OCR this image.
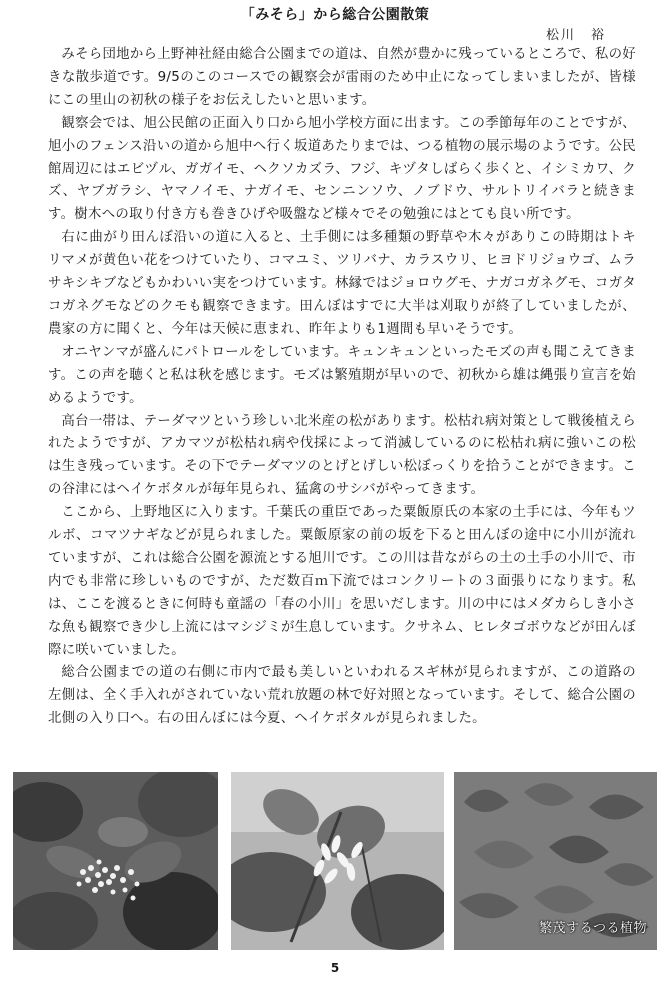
「みそら」から総合公園散策
松川　裕

みそら団地から上野神社経由総合公園までの道は、自然が豊かに残っているところで、私の好きな散歩道です。9/5のこのコースでの観察会が雷雨のため中止になってしまいましたが、皆様にこの里山の初秋の様子をお伝えしたいと思います。

観察会では、旭公民館の正面入り口から旭小学校方面に出ます。この季節毎年のことですが、旭小のフェンス沿いの道から旭中へ行く坂道あたりまでは、つる植物の展示場のようです。公民館周辺にはエビヅル、ガガイモ、ヘクソカズラ、フジ、キヅタしばらく歩くと、イシミカワ、クズ、ヤブガラシ、ヤマノイモ、ナガイモ、センニンソウ、ノブドウ、サルトリイバラと続きます。樹木への取り付き方も巻きひげや吸盤など様々でその勉強にはとても良い所です。

右に曲がり田んぼ沿いの道に入ると、土手側には多種類の野草や木々がありこの時期はトキリマメが黄色い花をつけていたり、コマユミ、ツリバナ、カラスウリ、ヒヨドリジョウゴ、ムラサキシキブなどもかわいい実をつけています。林縁ではジョロウグモ、ナガコガネグモ、コガタコガネグモなどのクモも観察できます。田んぼはすでに大半は刈取りが終了していましたが、農家の方に聞くと、今年は天候に恵まれ、昨年よりも1週間も早いそうです。

オニヤンマが盛んにパトロールをしています。キュンキュンといったモズの声も聞こえてきます。この声を聴くと私は秋を感じます。モズは繁殖期が早いので、初秋から雄は縄張り宣言を始めるようです。

高台一帯は、テーダマツという珍しい北米産の松があります。松枯れ病対策として戦後植えられたようですが、アカマツが松枯れ病や伐採によって消滅しているのに松枯れ病に強いこの松は生き残っています。その下でテーダマツのとげとげしい松ぼっくりを拾うことができます。この谷津にはヘイケボタルが毎年見られ、猛禽のサシバがやってきます。

ここから、上野地区に入ります。千葉氏の重臣であった粟飯原氏の本家の土手には、今年もツルボ、コマツナギなどが見られました。粟飯原家の前の坂を下ると田んぼの途中に小川が流れていますが、これは総合公園を源流とする旭川です。この川は昔ながらの土の土手の小川で、市内でも非常に珍しいものですが、ただ数百ｍ下流ではコンクリートの３面張りになります。私は、ここを渡るときに何時も童謡の「春の小川」を思いだします。川の中にはメダカらしき小さな魚も観察でき少し上流にはマシジミが生息しています。クサネム、ヒレタゴボウなどが田んぼ際に咲いていました。

総合公園までの道の右側に市内で最も美しいといわれるスギ林が見られますが、この道路の左側は、全く手入れがされていない荒れ放題の林で好対照となっています。そして、総合公園の北側の入り口へ。右の田んぼには今夏、ヘイケボタルが見られました。

繁茂するつる植物
5
